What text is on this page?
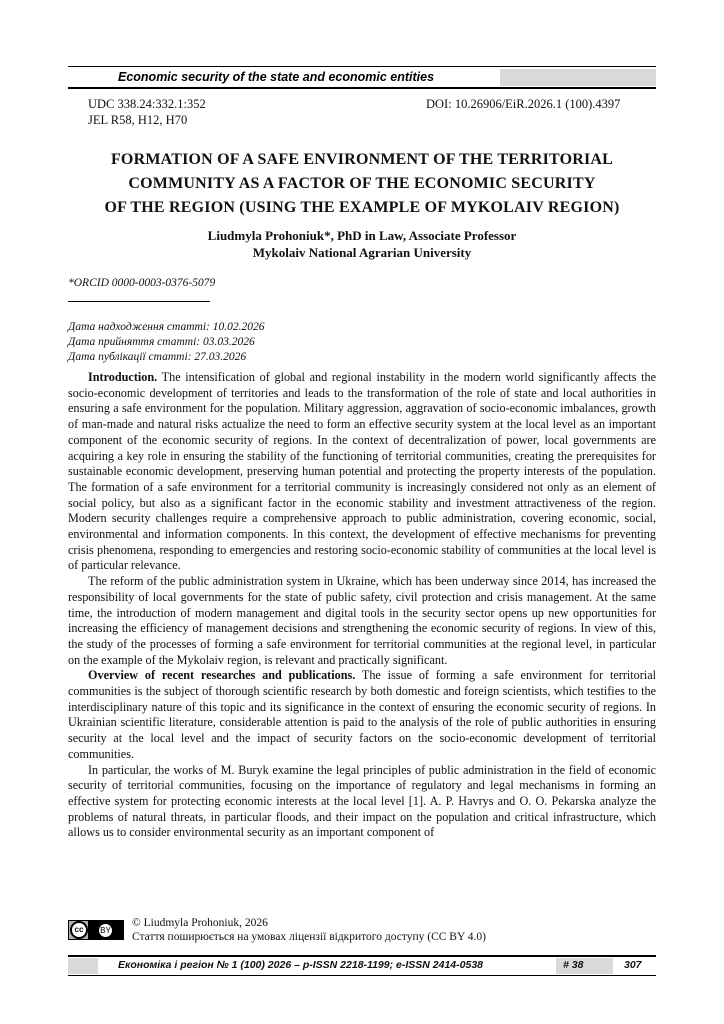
Economic security of the state and economic entities
UDC 338.24:332.1:352
JEL R58, H12, H70
DOI: 10.26906/EiR.2026.1 (100).4397
FORMATION OF A SAFE ENVIRONMENT OF THE TERRITORIAL
COMMUNITY AS A FACTOR OF THE ECONOMIC SECURITY
OF THE REGION (USING THE EXAMPLE OF MYKOLAIV REGION)
Liudmyla Prohoniuk*, PhD in Law, Associate Professor
Mykolaiv National Agrarian University
*ORCID 0000-0003-0376-5079
Дата надходження статті: 10.02.2026
Дата прийняття статті: 03.03.2026
Дата публікації статті: 27.03.2026

Introduction. The intensification of global and regional instability in the modern world significantly affects the socio-economic development of territories and leads to the transformation of the role of state and local authorities in ensuring a safe environment for the population. Military aggression, aggravation of socio-economic imbalances, growth of man-made and natural risks actualize the need to form an effective security system at the local level as an important component of the economic security of regions. In the context of decentralization of power, local governments are acquiring a key role in ensuring the stability of the functioning of territorial communities, creating the prerequisites for sustainable economic development, preserving human potential and protecting the property interests of the population. The formation of a safe environment for a territorial community is increasingly considered not only as an element of social policy, but also as a significant factor in the economic stability and investment attractiveness of the region. Modern security challenges require a comprehensive approach to public administration, covering economic, social, environmental and information components. In this context, the development of effective mechanisms for preventing crisis phenomena, responding to emergencies and restoring socio-economic stability of communities at the local level is of particular relevance.

The reform of the public administration system in Ukraine, which has been underway since 2014, has increased the responsibility of local governments for the state of public safety, civil protection and crisis management. At the same time, the introduction of modern management and digital tools in the security sector opens up new opportunities for increasing the efficiency of management decisions and strengthening the economic security of regions. In view of this, the study of the processes of forming a safe environment for territorial communities at the regional level, in particular on the example of the Mykolaiv region, is relevant and practically significant.

Overview of recent researches and publications. The issue of forming a safe environment for territorial communities is the subject of thorough scientific research by both domestic and foreign scientists, which testifies to the interdisciplinary nature of this topic and its significance in the context of ensuring the economic security of regions. In Ukrainian scientific literature, considerable attention is paid to the analysis of the role of public authorities in ensuring security at the local level and the impact of security factors on the socio-economic development of territorial communities.

In particular, the works of M. Buryk examine the legal principles of public administration in the field of economic security of territorial communities, focusing on the importance of regulatory and legal mechanisms in forming an effective system for protecting economic interests at the local level [1]. A. P. Havrys and O. O. Pekarska analyze the problems of natural threats, in particular floods, and their impact on the population and critical infrastructure, which allows us to consider environmental security as an important component of

cc	BY
© Liudmyla Prohoniuk, 2026
Стаття поширюється на умовах ліцензії відкритого доступу (CC BY 4.0)
Економіка і регіон № 1 (100) 2026 – p-ISSN 2218-1199; e-ISSN 2414-0538	# 38	307
